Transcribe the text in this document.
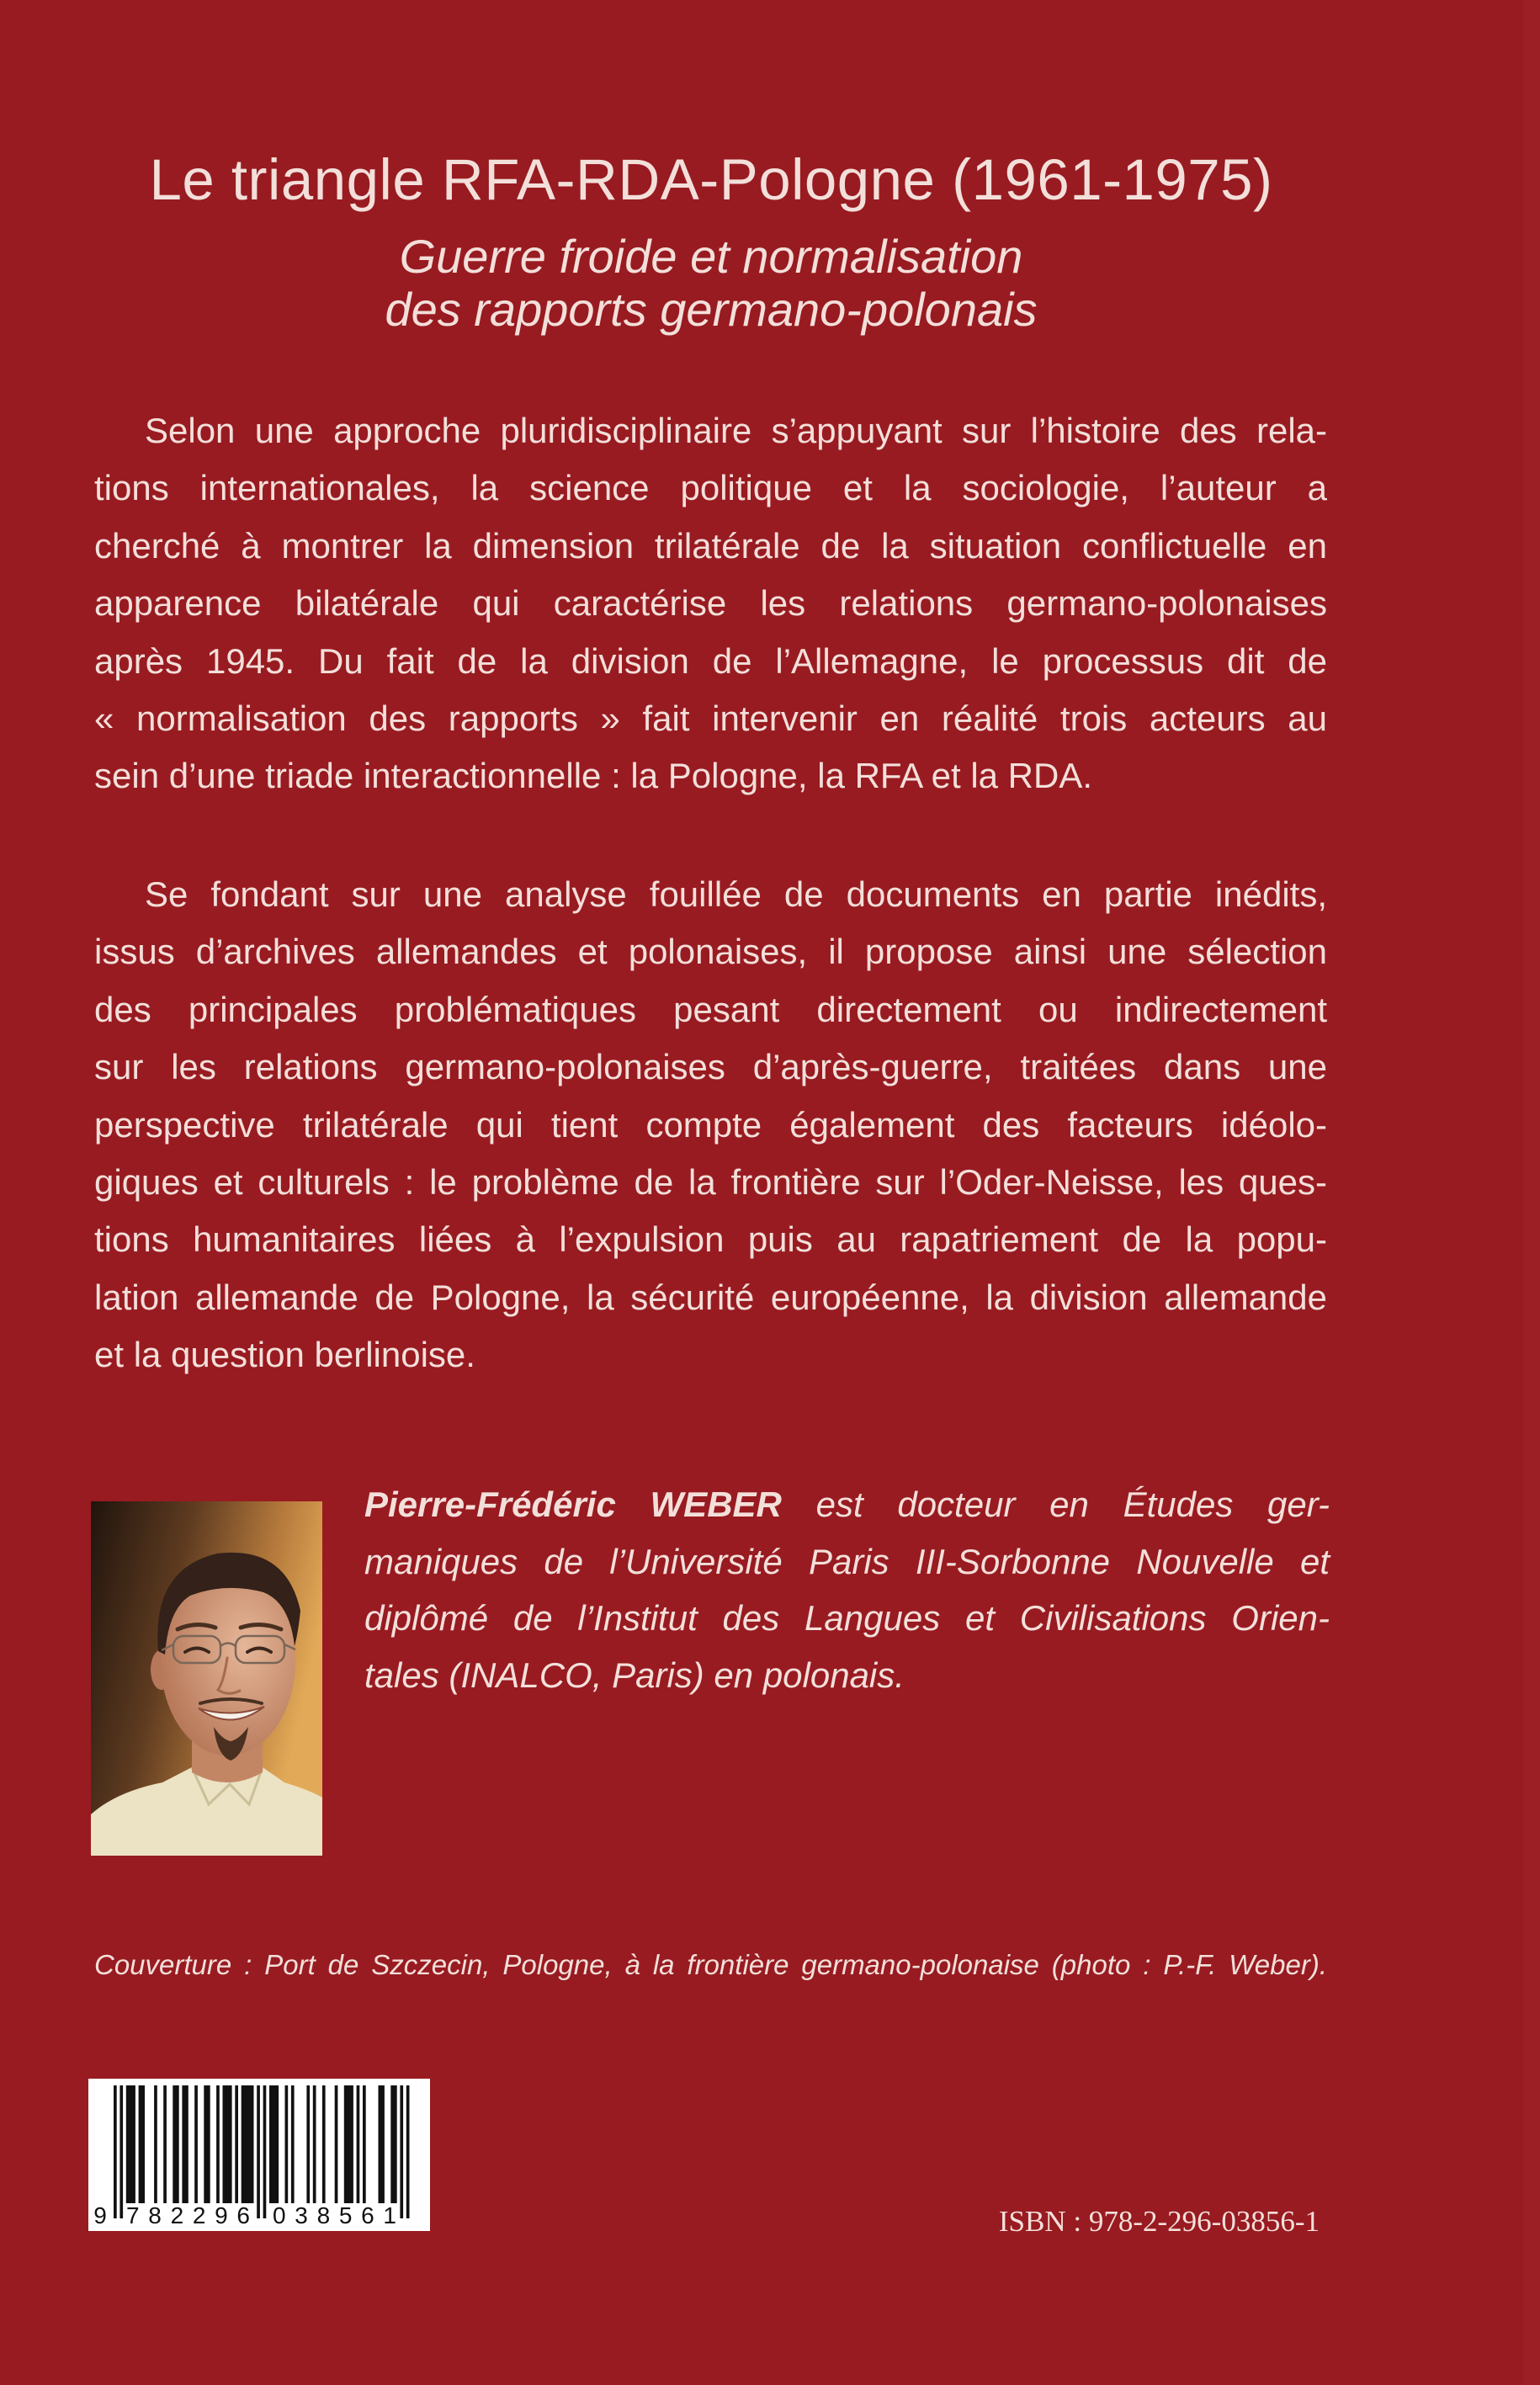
Le triangle RFA-RDA-Pologne (1961-1975)
Guerre froide et normalisation
des rapports germano-polonais
Selon une approche pluridisciplinaire s’appuyant sur l’histoire des rela-
tions internationales, la science politique et la sociologie, l’auteur a
cherché à montrer la dimension trilatérale de la situation conflictuelle en
apparence bilatérale qui caractérise les relations germano-polonaises
après 1945. Du fait de la division de l’Allemagne, le processus dit de
« normalisation des rapports » fait intervenir en réalité trois acteurs au
sein d’une triade interactionnelle : la Pologne, la RFA et la RDA.
Se fondant sur une analyse fouillée de documents en partie inédits,
issus d’archives allemandes et polonaises, il propose ainsi une sélection
des principales problématiques pesant directement ou indirectement
sur les relations germano-polonaises d’après-guerre, traitées dans une
perspective trilatérale qui tient compte également des facteurs idéolo-
giques et culturels : le problème de la frontière sur l’Oder-Neisse, les ques-
tions humanitaires liées à l’expulsion puis au rapatriement de la popu-
lation allemande de Pologne, la sécurité européenne, la division allemande
et la question berlinoise.
Pierre-Frédéric WEBER est docteur en Études ger-
maniques de l’Université Paris III-Sorbonne Nouvelle et
diplômé de l’Institut des Langues et Civilisations Orien-
tales (INALCO, Paris) en polonais.
Couverture : Port de Szczecin, Pologne, à la frontière germano-polonaise (photo : P.-F. Weber).
9 782296 038561	ISBN : 978-2-296-03856-1
